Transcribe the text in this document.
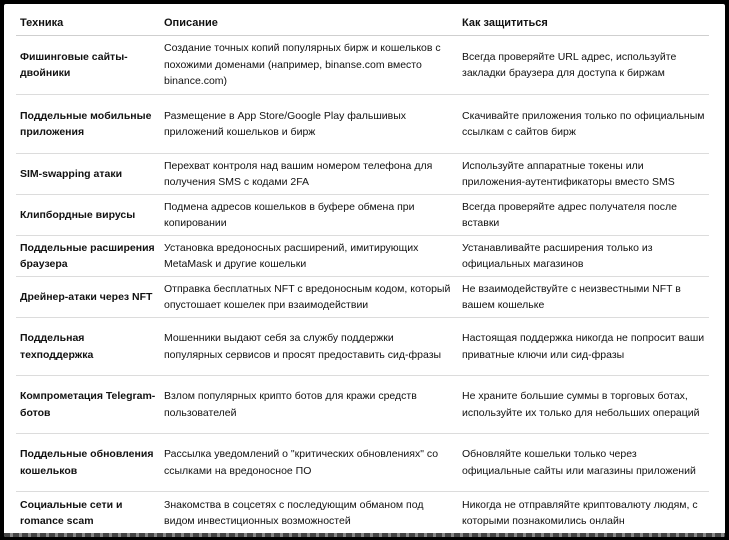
Техника	Описание	Как защититься
Фишинговые сайты-двойники	Создание точных копий популярных бирж и кошельков с похожими доменами (например, binanse.com вместо binance.com)	Всегда проверяйте URL адрес, используйте закладки браузера для доступа к биржам
Поддельные мобильные приложения	Размещение в App Store/Google Play фальшивых приложений кошельков и бирж	Скачивайте приложения только по официальным ссылкам с сайтов бирж
SIM-swapping атаки	Перехват контроля над вашим номером телефона для получения SMS с кодами 2FA	Используйте аппаратные токены или приложения-аутентификаторы вместо SMS
Клипбордные вирусы	Подмена адресов кошельков в буфере обмена при копировании	Всегда проверяйте адрес получателя после вставки
Поддельные расширения браузера	Установка вредоносных расширений, имитирующих MetaMask и другие кошельки	Устанавливайте расширения только из официальных магазинов
Дрейнер-атаки через NFT	Отправка бесплатных NFT с вредоносным кодом, который опустошает кошелек при взаимодействии	Не взаимодействуйте с неизвестными NFT в вашем кошельке
Поддельная техподдержка	Мошенники выдают себя за службу поддержки популярных сервисов и просят предоставить сид-фразы	Настоящая поддержка никогда не попросит ваши приватные ключи или сид-фразы
Компрометация Telegram-ботов	Взлом популярных крипто ботов для кражи средств пользователей	Не храните большие суммы в торговых ботах, используйте их только для небольших операций
Поддельные обновления кошельков	Рассылка уведомлений о "критических обновлениях" со ссылками на вредоносное ПО	Обновляйте кошельки только через официальные сайты или магазины приложений
Социальные сети и romance scam	Знакомства в соцсетях с последующим обманом под видом инвестиционных возможностей	Никогда не отправляйте криптовалюту людям, с которыми познакомились онлайн
